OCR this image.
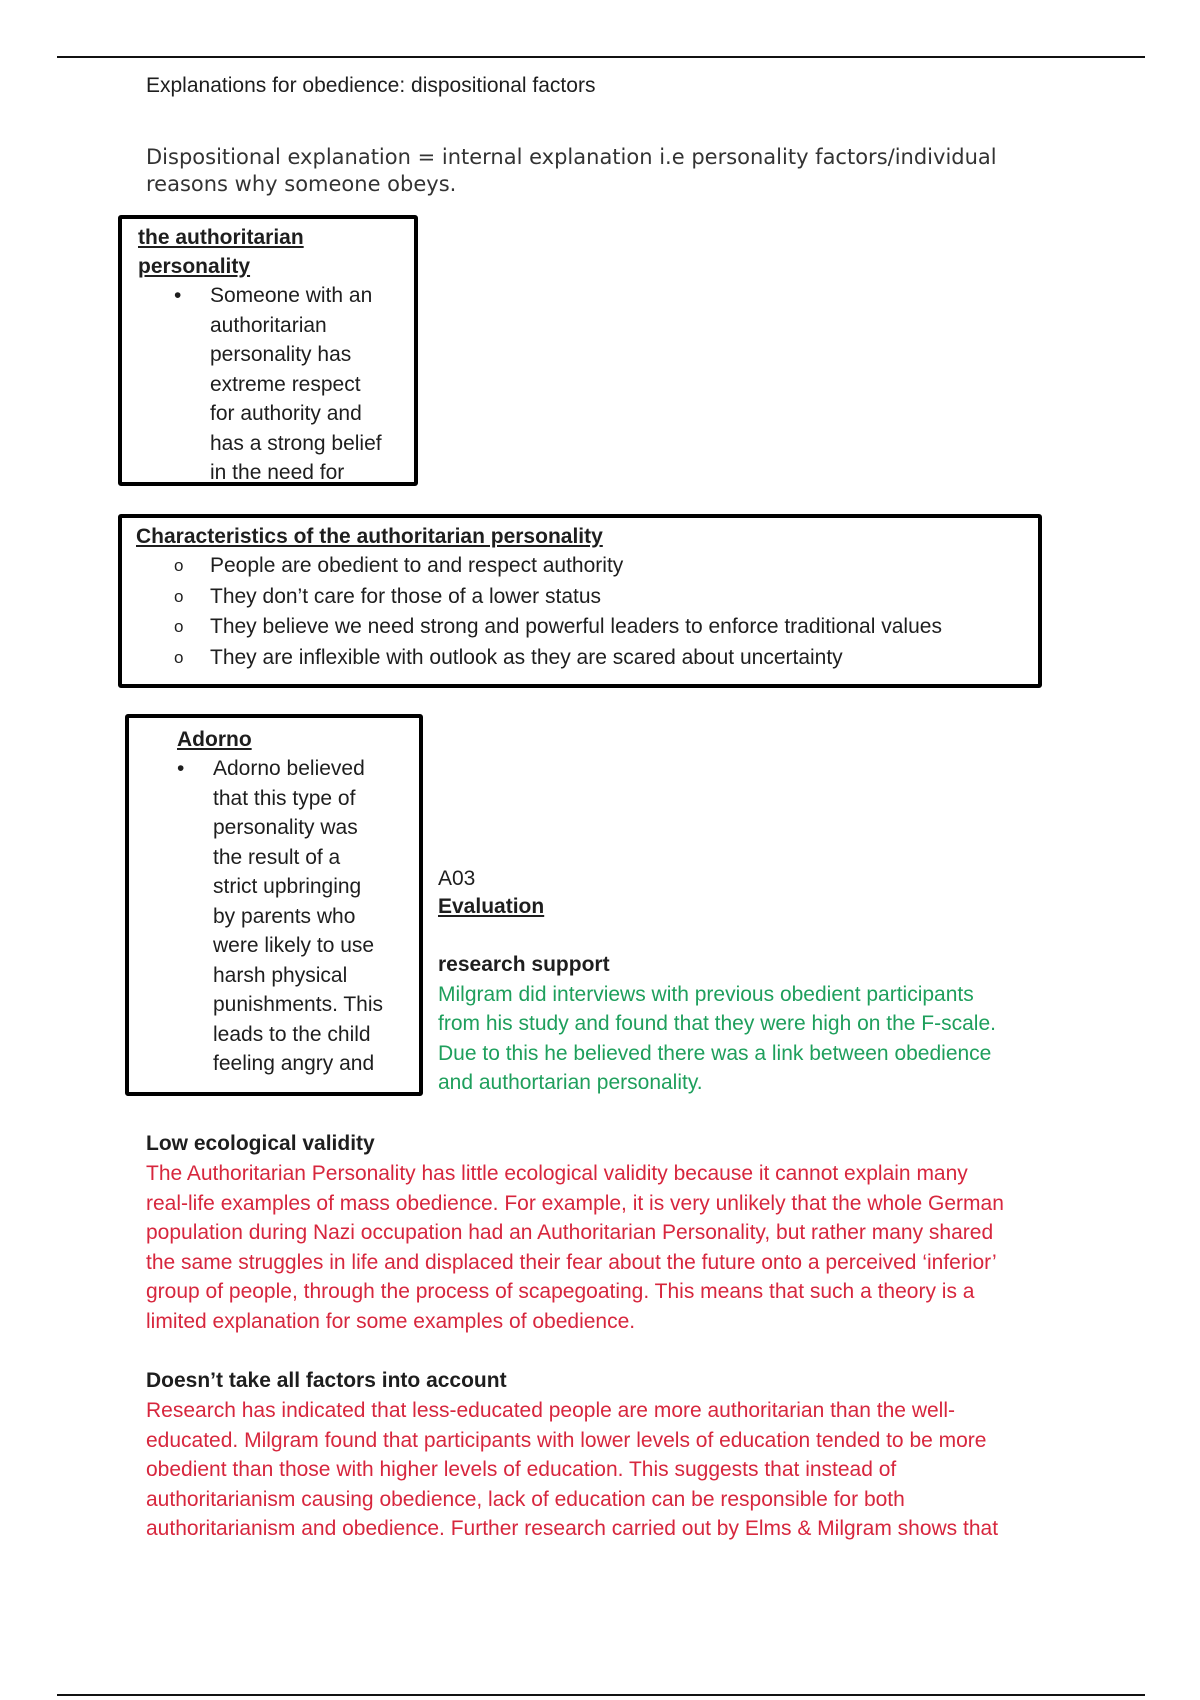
Explanations for obedience: dispositional factors
Dispositional explanation = internal explanation i.e personality factors/individual reasons why someone obeys.
the authoritarian
personality
• Someone with an
authoritarian
personality has
extreme respect
for authority and
has a strong belief
in the need for
Characteristics of the authoritarian personality
o People are obedient to and respect authority
o They don’t care for those of a lower status
o They believe we need strong and powerful leaders to enforce traditional values
o They are inflexible with outlook as they are scared about uncertainty
Adorno
• Adorno believed
that this type of
personality was
the result of a
strict upbringing
by parents who
were likely to use
harsh physical
punishments. This
leads to the child
feeling angry and
A03
Evaluation
research support
Milgram did interviews with previous obedient participants
from his study and found that they were high on the F-scale.
Due to this he believed there was a link between obedience
and authortarian personality.
Low ecological validity
The Authoritarian Personality has little ecological validity because it cannot explain many
real-life examples of mass obedience. For example, it is very unlikely that the whole German
population during Nazi occupation had an Authoritarian Personality, but rather many shared
the same struggles in life and displaced their fear about the future onto a perceived ‘inferior’
group of people, through the process of scapegoating. This means that such a theory is a
limited explanation for some examples of obedience.
Doesn’t take all factors into account
Research has indicated that less-educated people are more authoritarian than the well-
educated. Milgram found that participants with lower levels of education tended to be more
obedient than those with higher levels of education. This suggests that instead of
authoritarianism causing obedience, lack of education can be responsible for both
authoritarianism and obedience. Further research carried out by Elms & Milgram shows that
